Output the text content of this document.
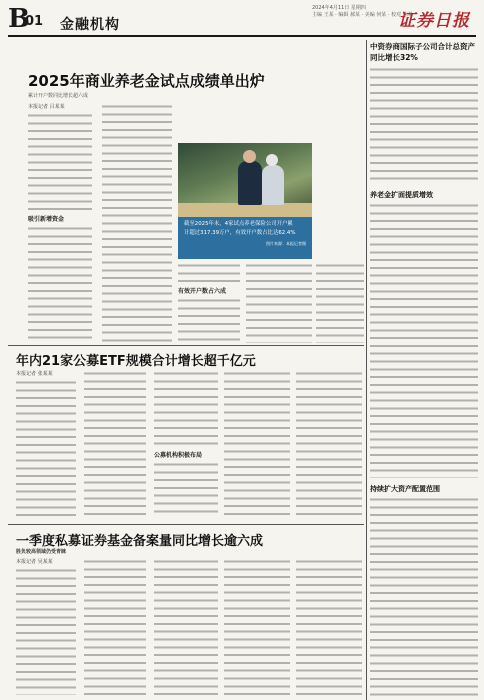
B
01 金融机构
2024年4月11日 星期四
主编 王某 · 编辑 郝某 · 美编 何某 · 校对 陈某
证券日报
2025年商业养老金试点成绩单出炉
累计开户数同比增长超六成
本报记者 吕某某
吸引新增资金
有效开户数占六成
截至2025年末，4家试点养老保险公司开户累
计超过317.39万户，有效开户数占比达62.4%
图片来源：本报记者摄
中资券商国际子公司合计总资产同比增长32%
养老金扩面提质增效
持续扩大资产配置范围
年内21家公募ETF规模合计增长超千亿元
本报记者 张某某
公募机构积极布局
一季度私募证券基金备案量同比增长逾六成
胜负较高领域仍受青睐
本报记者 吴某某
